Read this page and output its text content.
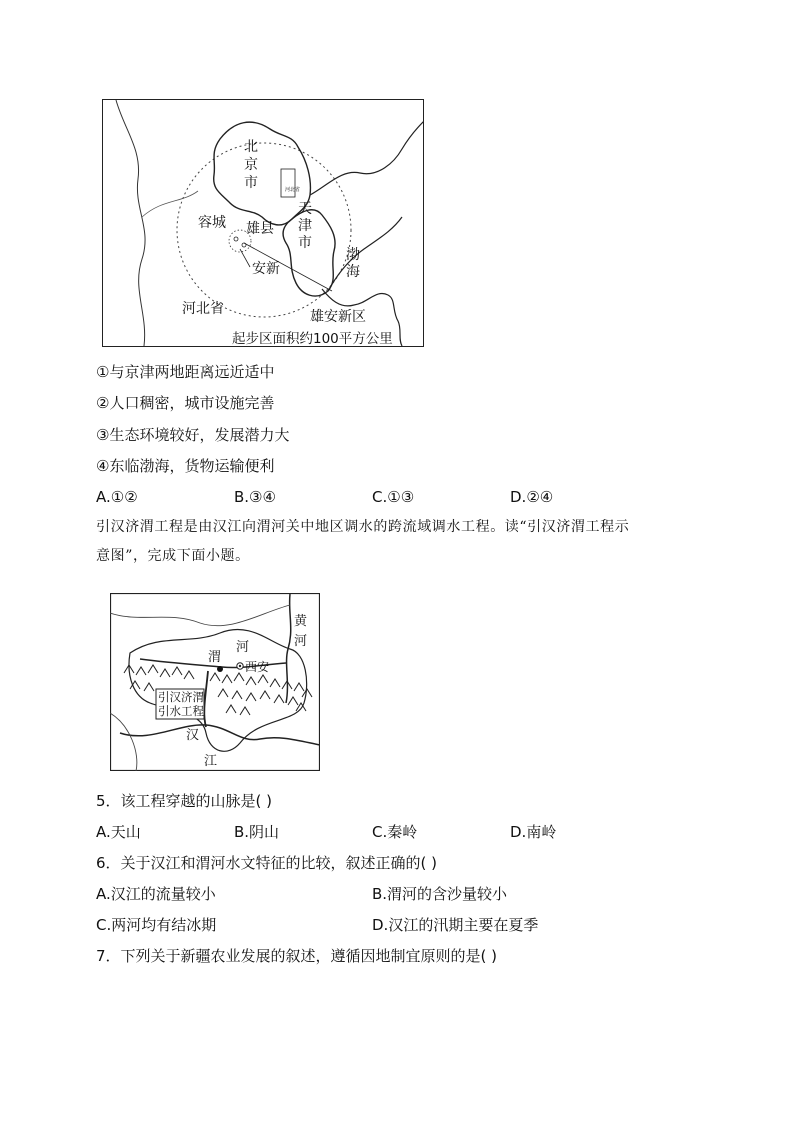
北
京
市
天
津
市
河北省
容城 雄县
安新
渤
海
河北省	雄安新区
起步区面积约100平方公里
①与京津两地距离远近适中
②人口稠密，城市设施完善
③生态环境较好，发展潜力大
④东临渤海，货物运输便利
A.①②	B.③④	C.①③	D.②④
引汉济渭工程是由汉江向渭河关中地区调水的跨流域调水工程。读“引汉济渭工程示
意图”，完成下面小题。
引汉济渭
引水工程
渭
河
西安
黄
河
汉
江
5．该工程穿越的山脉是( )
A.天山	B.阴山	C.秦岭	D.南岭
6．关于汉江和渭河水文特征的比较，叙述正确的( )
A.汉江的流量较小	B.渭河的含沙量较小
C.两河均有结冰期	D.汉江的汛期主要在夏季
7．下列关于新疆农业发展的叙述，遵循因地制宜原则的是( )
